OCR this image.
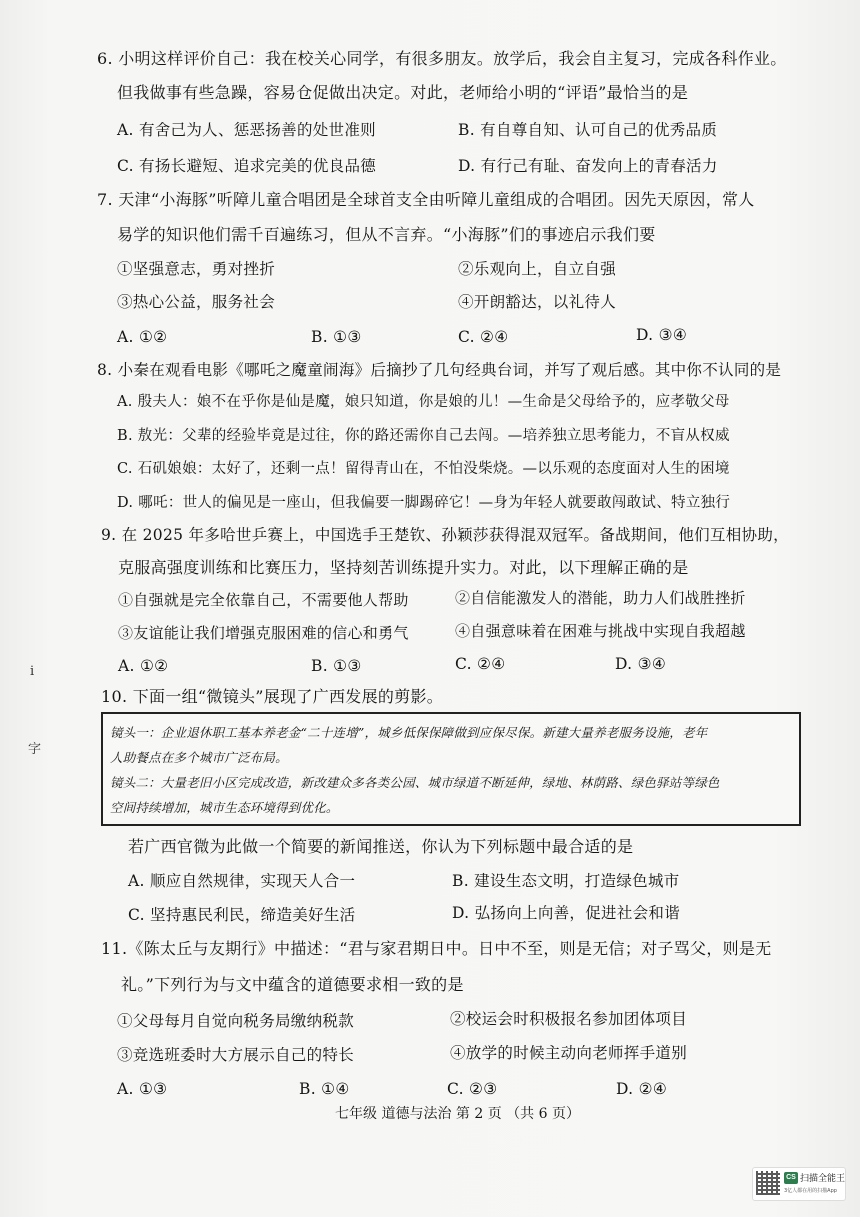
6. 小明这样评价自己：我在校关心同学，有很多朋友。放学后，我会自主复习，完成各科作业。
但我做事有些急躁，容易仓促做出决定。对此，老师给小明的“评语”最恰当的是
A. 有舍己为人、惩恶扬善的处世准则	B. 有自尊自知、认可自己的优秀品质
C. 有扬长避短、追求完美的优良品德	D. 有行己有耻、奋发向上的青春活力
7. 天津“小海豚”听障儿童合唱团是全球首支全由听障儿童组成的合唱团。因先天原因，常人
易学的知识他们需千百遍练习，但从不言弃。“小海豚”们的事迹启示我们要
①坚强意志，勇对挫折	②乐观向上，自立自强
③热心公益，服务社会	④开朗豁达，以礼待人
A. ①②	B. ①③	C. ②④	D. ③④
8. 小秦在观看电影《哪吒之魔童闹海》后摘抄了几句经典台词，并写了观后感。其中你不认同的是
A. 殷夫人：娘不在乎你是仙是魔，娘只知道，你是娘的儿！—生命是父母给予的，应孝敬父母
B. 敖光：父辈的经验毕竟是过往，你的路还需你自己去闯。—培养独立思考能力，不盲从权威
C. 石矶娘娘：太好了，还剩一点！留得青山在，不怕没柴烧。—以乐观的态度面对人生的困境
D. 哪吒：世人的偏见是一座山，但我偏要一脚踢碎它！—身为年轻人就要敢闯敢试、特立独行
9. 在 2025 年多哈世乒赛上，中国选手王楚钦、孙颖莎获得混双冠军。备战期间，他们互相协助，
克服高强度训练和比赛压力，坚持刻苦训练提升实力。对此，以下理解正确的是
①自强就是完全依靠自己，不需要他人帮助	②自信能激发人的潜能，助力人们战胜挫折
③友谊能让我们增强克服困难的信心和勇气	④自强意味着在困难与挑战中实现自我超越
A. ①②	B. ①③	C. ②④	D. ③④
10. 下面一组“微镜头”展现了广西发展的剪影。
镜头一：企业退休职工基本养老金“二十连增”，城乡低保保障做到应保尽保。新建大量养老服务设施，老年
人助餐点在多个城市广泛布局。
镜头二：大量老旧小区完成改造，新改建众多各类公园、城市绿道不断延伸，绿地、林荫路、绿色驿站等绿色
空间持续增加，城市生态环境得到优化。
若广西官微为此做一个简要的新闻推送，你认为下列标题中最合适的是
A. 顺应自然规律，实现天人合一	B. 建设生态文明，打造绿色城市
C. 坚持惠民利民，缔造美好生活	D. 弘扬向上向善，促进社会和谐
11.《陈太丘与友期行》中描述：“君与家君期日中。日中不至，则是无信；对子骂父，则是无
礼。”下列行为与文中蕴含的道德要求相一致的是
①父母每月自觉向税务局缴纳税款	②校运会时积极报名参加团体项目
③竞选班委时大方展示自己的特长	④放学的时候主动向老师挥手道别
A. ①③	B. ①④	C. ②③	D. ②④
七年级 道德与法治 第 2 页 （共 6 页）
i
字
CS 扫描全能王
3亿人都在用的扫描App
